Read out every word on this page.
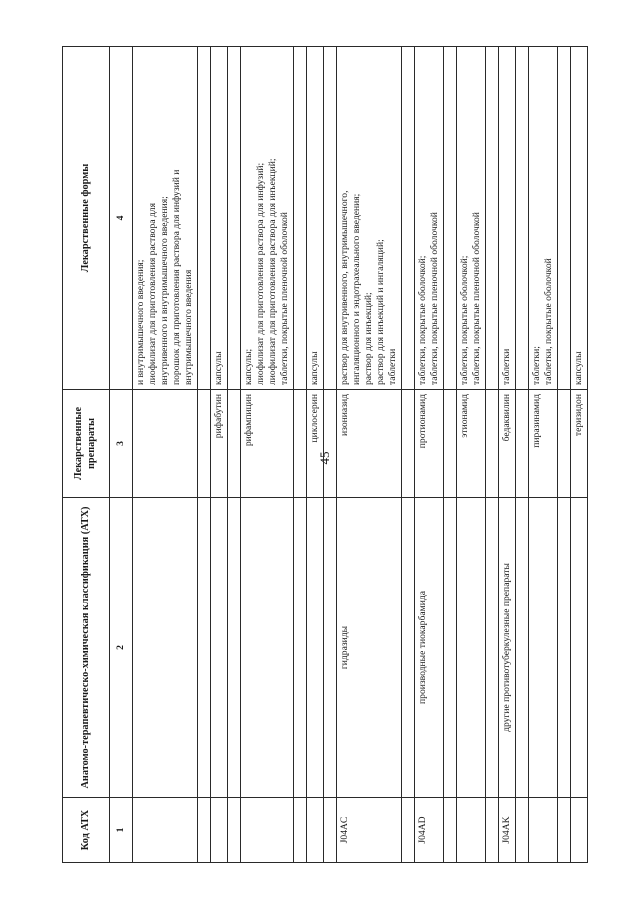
45
Код АТХ	Анатомо-терапевтическо-химическая классификация (АТХ)	Лекарственные препараты	Лекарственные формы
1	2	3	4

			и внутримышечного введения; лиофилизат для приготовления раствора для внутривенного и внутримышечного введения; порошок для приготовления раствора для инфузий и внутримышечного введения

		рифабутин	капсулы

		рифампицин	капсулы; лиофилизат для приготовления раствора для инфузий; лиофилизат для приготовления раствора для инъекций; таблетки, покрытые пленочной оболочкой

		циклосерин	капсулы

J04AC	гидразиды	изониазид	раствор для внутривенного, внутримышечного, ингаляционного и эндотрахеального введения; раствор для инъекций; раствор для инъекций и ингаляций; таблетки

J04AD	производные тиокарбамида	протионамид	таблетки, покрытые оболочкой; таблетки, покрытые пленочной оболочкой

		этионамид	таблетки, покрытые оболочкой; таблетки, покрытые пленочной оболочкой

J04AK	другие противотуберкулезные препараты	бедаквилин	таблетки

		пиразинамид	таблетки; таблетки, покрытые оболочкой

		теризидон	капсулы
